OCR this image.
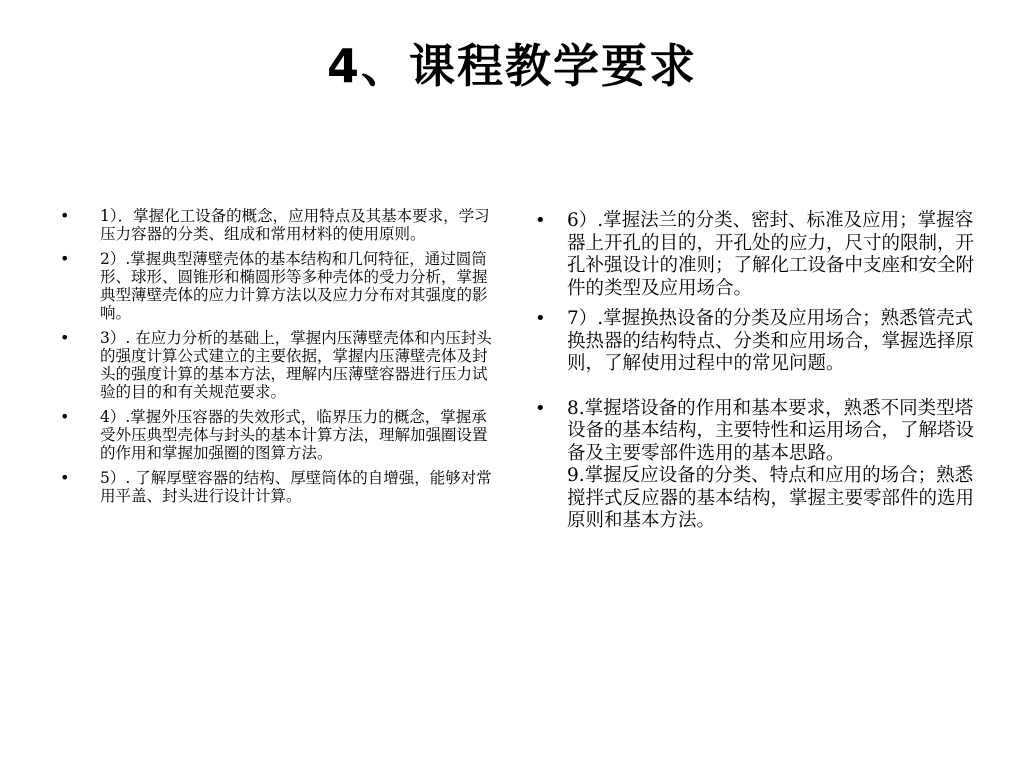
4、课程教学要求
• 1）．掌握化工设备的概念，应用特点及其基本要求，学习压力容器的分类、组成和常用材料的使用原则。
• 2）.掌握典型薄壁壳体的基本结构和几何特征，通过圆筒形、球形、圆锥形和椭圆形等多种壳体的受力分析，掌握典型薄壁壳体的应力计算方法以及应力分布对其强度的影响。
• 3）. 在应力分析的基础上，掌握内压薄壁壳体和内压封头的强度计算公式建立的主要依据，掌握内压薄壁壳体及封头的强度计算的基本方法，理解内压薄壁容器进行压力试验的目的和有关规范要求。
• 4）.掌握外压容器的失效形式，临界压力的概念，掌握承受外压典型壳体与封头的基本计算方法，理解加强圈设置的作用和掌握加强圈的图算方法。
• 5）. 了解厚壁容器的结构、厚壁筒体的自增强，能够对常用平盖、封头进行设计计算。
• 6）.掌握法兰的分类、密封、标准及应用；掌握容器上开孔的目的，开孔处的应力，尺寸的限制，开孔补强设计的准则；了解化工设备中支座和安全附件的类型及应用场合。
• 7）.掌握换热设备的分类及应用场合；熟悉管壳式换热器的结构特点、分类和应用场合，掌握选择原则，了解使用过程中的常见问题。
• 8.掌握塔设备的作用和基本要求，熟悉不同类型塔设备的基本结构，主要特性和运用场合，了解塔设备及主要零部件选用的基本思路。
9.掌握反应设备的分类、特点和应用的场合；熟悉搅拌式反应器的基本结构，掌握主要零部件的选用原则和基本方法。
